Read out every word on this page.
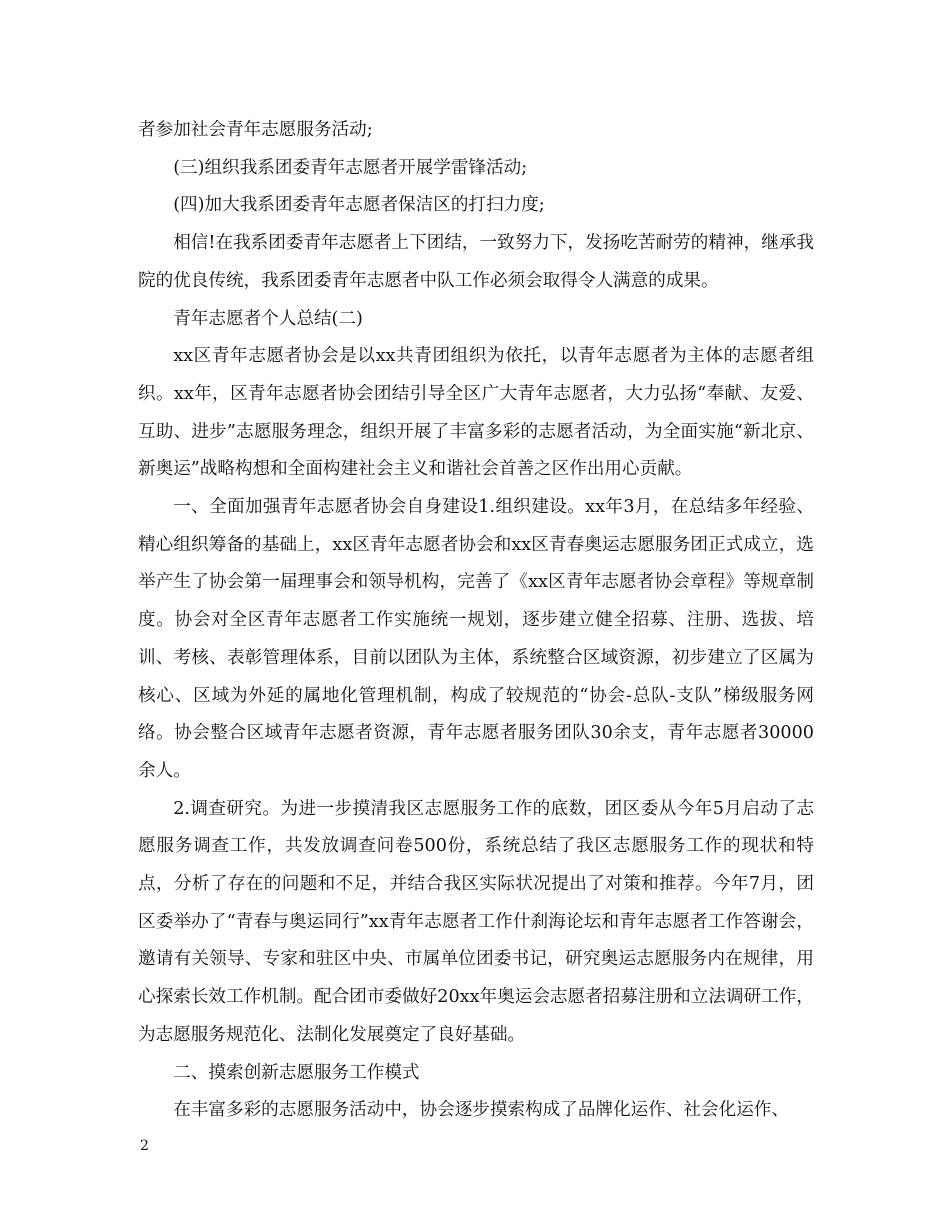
者参加社会青年志愿服务活动;

(三)组织我系团委青年志愿者开展学雷锋活动;

(四)加大我系团委青年志愿者保洁区的打扫力度;

相信!在我系团委青年志愿者上下团结，一致努力下，发扬吃苦耐劳的精神，继承我院的优良传统，我系团委青年志愿者中队工作必须会取得令人满意的成果。

青年志愿者个人总结(二)

xx区青年志愿者协会是以xx共青团组织为依托，以青年志愿者为主体的志愿者组织。xx年，区青年志愿者协会团结引导全区广大青年志愿者，大力弘扬“奉献、友爱、互助、进步”志愿服务理念，组织开展了丰富多彩的志愿者活动，为全面实施“新北京、新奥运”战略构想和全面构建社会主义和谐社会首善之区作出用心贡献。

一、全面加强青年志愿者协会自身建设1.组织建设。xx年3月，在总结多年经验、精心组织筹备的基础上，xx区青年志愿者协会和xx区青春奥运志愿服务团正式成立，选举产生了协会第一届理事会和领导机构，完善了《xx区青年志愿者协会章程》等规章制度。协会对全区青年志愿者工作实施统一规划，逐步建立健全招募、注册、选拔、培训、考核、表彰管理体系，目前以团队为主体，系统整合区域资源，初步建立了区属为核心、区域为外延的属地化管理机制，构成了较规范的“协会-总队-支队”梯级服务网络。协会整合区域青年志愿者资源，青年志愿者服务团队30余支，青年志愿者30000余人。

2.调查研究。为进一步摸清我区志愿服务工作的底数，团区委从今年5月启动了志愿服务调查工作，共发放调查问卷500份，系统总结了我区志愿服务工作的现状和特点，分析了存在的问题和不足，并结合我区实际状况提出了对策和推荐。今年7月，团区委举办了“青春与奥运同行”xx青年志愿者工作什刹海论坛和青年志愿者工作答谢会，邀请有关领导、专家和驻区中央、市属单位团委书记，研究奥运志愿服务内在规律，用心探索长效工作机制。配合团市委做好20xx年奥运会志愿者招募注册和立法调研工作，为志愿服务规范化、法制化发展奠定了良好基础。

二、摸索创新志愿服务工作模式

在丰富多彩的志愿服务活动中，协会逐步摸索构成了品牌化运作、社会化运作、

2
